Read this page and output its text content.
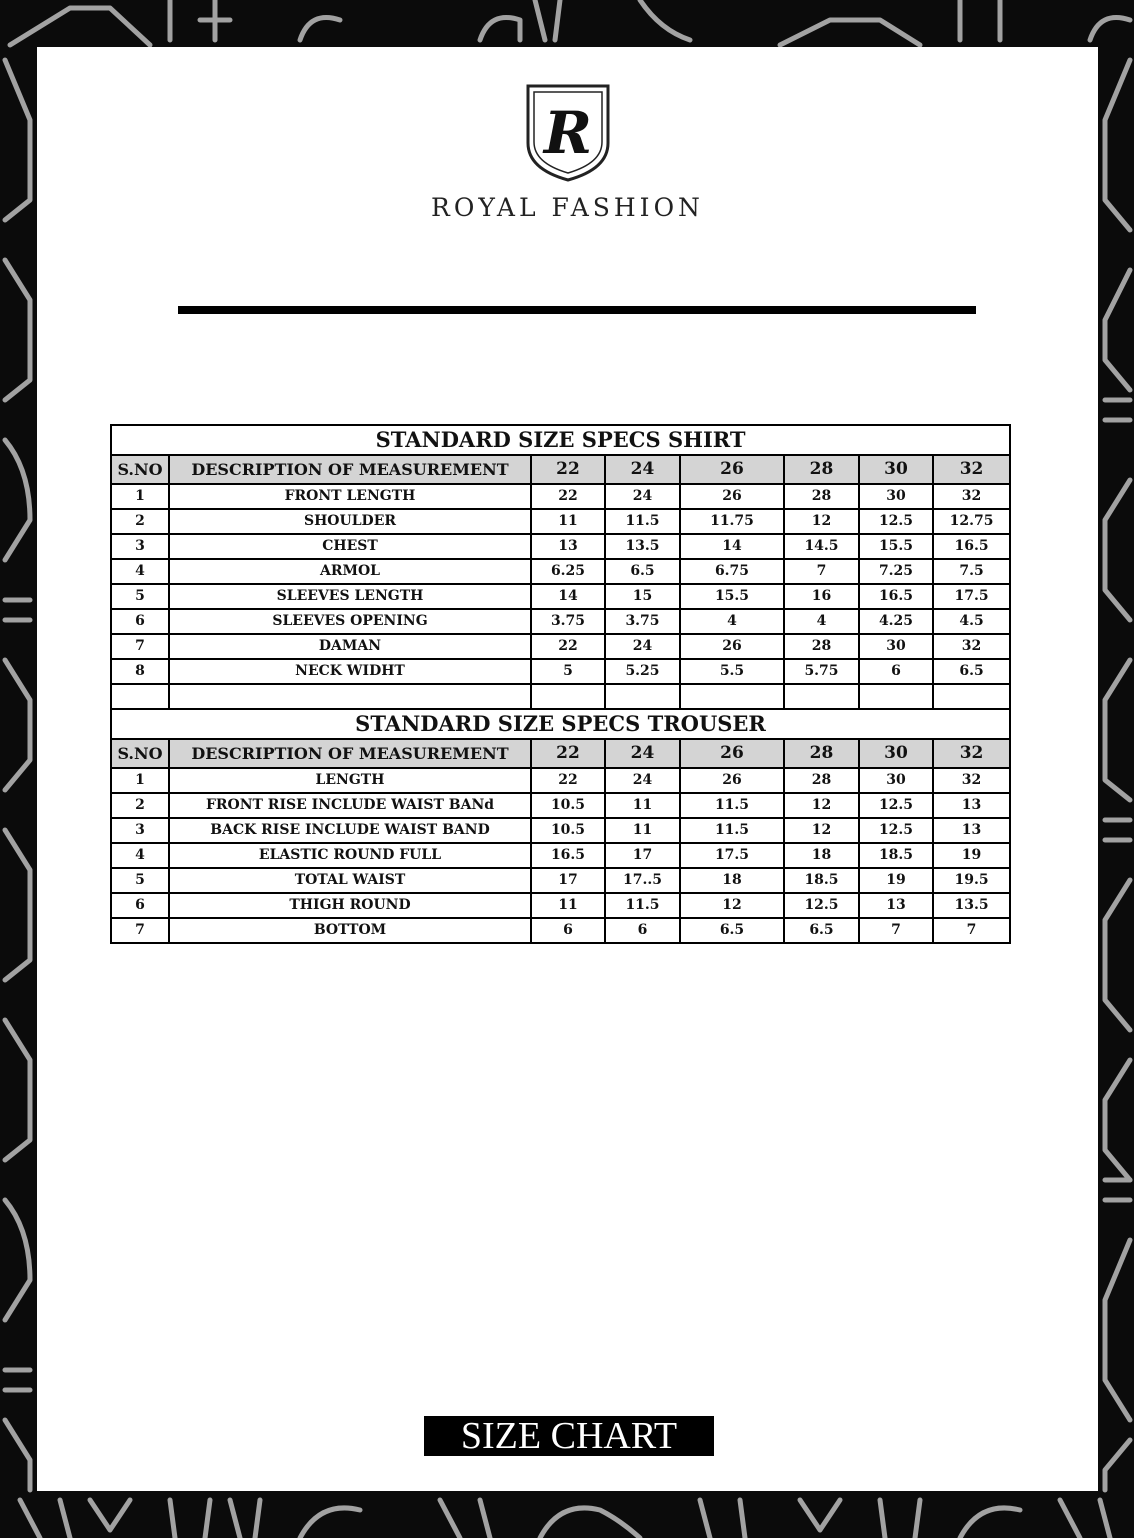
R
ROYAL FASHION
STANDARD SIZE SPECS SHIRT							
S.NO	DESCRIPTION OF MEASUREMENT	22	24	26	28	30	32
1	FRONT LENGTH	22	24	26	28	30	32
2	SHOULDER	11	11.5	11.75	12	12.5	12.75
3	CHEST	13	13.5	14	14.5	15.5	16.5
4	ARMOL	6.25	6.5	6.75	7	7.25	7.5
5	SLEEVES LENGTH	14	15	15.5	16	16.5	17.5
6	SLEEVES OPENING	3.75	3.75	4	4	4.25	4.5
7	DAMAN	22	24	26	28	30	32
8	NECK WIDHT	5	5.25	5.5	5.75	6	6.5

STANDARD SIZE SPECS TROUSER							
S.NO	DESCRIPTION OF MEASUREMENT	22	24	26	28	30	32
1	LENGTH	22	24	26	28	30	32
2	FRONT RISE INCLUDE WAIST BANd	10.5	11	11.5	12	12.5	13
3	BACK RISE INCLUDE WAIST BAND	10.5	11	11.5	12	12.5	13
4	ELASTIC ROUND FULL	16.5	17	17.5	18	18.5	19
5	TOTAL WAIST	17	17..5	18	18.5	19	19.5
6	THIGH ROUND	11	11.5	12	12.5	13	13.5
7	BOTTOM	6	6	6.5	6.5	7	7
SIZE CHART
